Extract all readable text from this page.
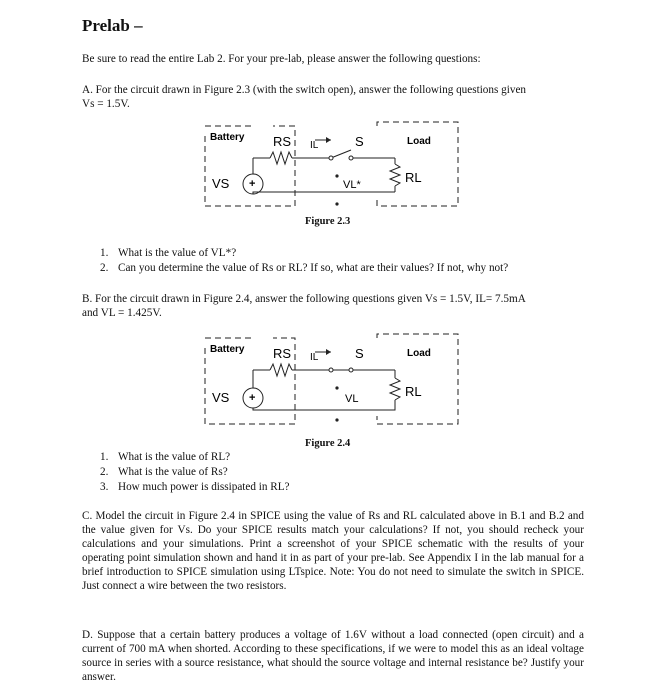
Prelab –
Be sure to read the entire Lab 2. For your pre-lab, please answer the following questions:
A. For the circuit drawn in Figure 2.3 (with the switch open), answer the following questions given
Vs = 1.5V.
Battery	Load
RS IL	S
VS	VL*	RL
+
Figure 2.3
1. What is the value of VL*?
2. Can you determine the value of Rs or RL? If so, what are their values? If not, why not?
B. For the circuit drawn in Figure 2.4, answer the following questions given Vs = 1.5V, IL= 7.5mA
and VL = 1.425V.
Battery	Load
RS IL	S
VS	VL	RL
+
Figure 2.4
1. What is the value of RL?
2. What is the value of Rs?
3. How much power is dissipated in RL?
C. Model the circuit in Figure 2.4 in SPICE using the value of Rs and RL calculated above in B.1 and B.2 and the value given for Vs. Do your SPICE results match your calculations? If not, you should recheck your calculations and your simulations. Print a screenshot of your SPICE schematic with the results of your operating point simulation shown and hand it in as part of your pre-lab. See Appendix I in the lab manual for a brief introduction to SPICE simulation using LTspice. Note: You do not need to simulate the switch in SPICE. Just connect a wire between the two resistors.
D. Suppose that a certain battery produces a voltage of 1.6V without a load connected (open circuit) and a current of 700 mA when shorted. According to these specifications, if we were to model this as an ideal voltage source in series with a source resistance, what should the source voltage and internal resistance be? Justify your answer.
